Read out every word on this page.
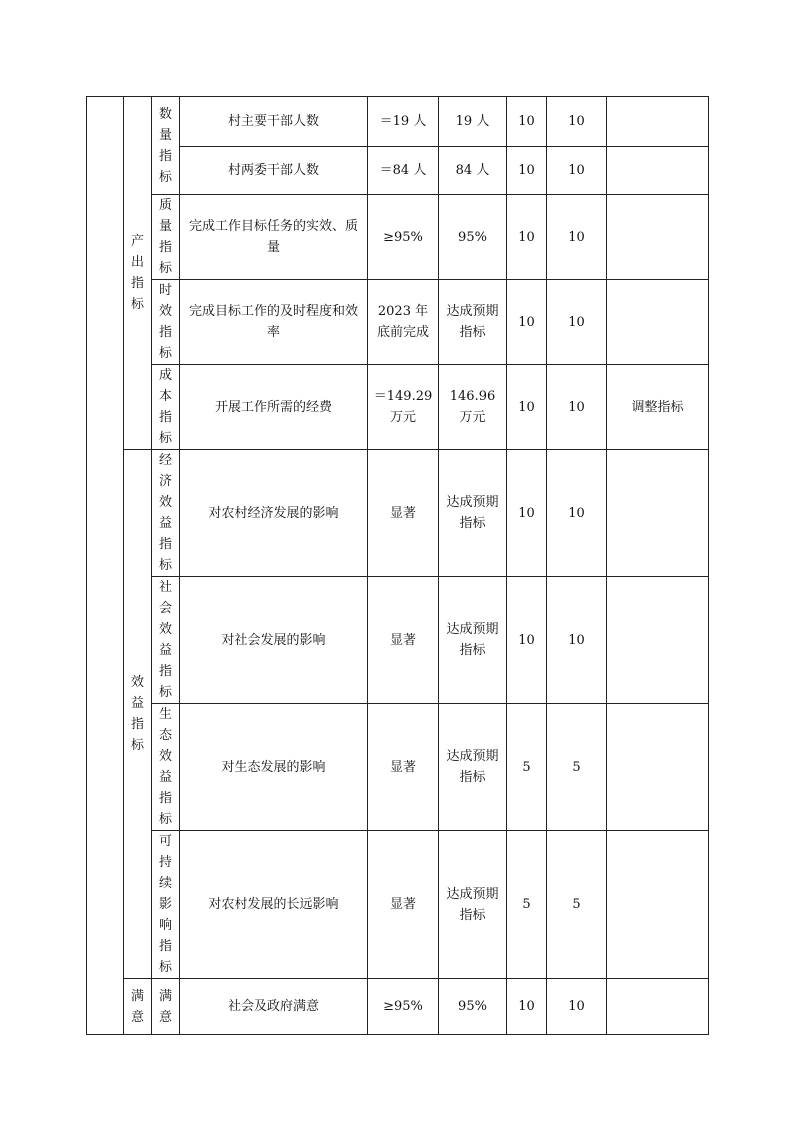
	产出指标	数量指标	村主要干部人数	＝19 人	19 人	10	10	
			村两委干部人数	＝84 人	84 人	10	10	
		质量指标	完成工作目标任务的实效、质量	≥95%	95%	10	10	
		时效指标	完成目标工作的及时程度和效率	2023 年底前完成	达成预期指标	10	10	
		成本指标	开展工作所需的经费	＝149.29 万元	146.96 万元	10	10	调整指标
	效益指标	经济效益指标	对农村经济发展的影响	显著	达成预期指标	10	10	
		社会效益指标	对社会发展的影响	显著	达成预期指标	10	10	
		生态效益指标	对生态发展的影响	显著	达成预期指标	5	5	
		可持续影响指标	对农村发展的长远影响	显著	达成预期指标	5	5	
	满意	满意	社会及政府满意	≥95%	95%	10	10	
